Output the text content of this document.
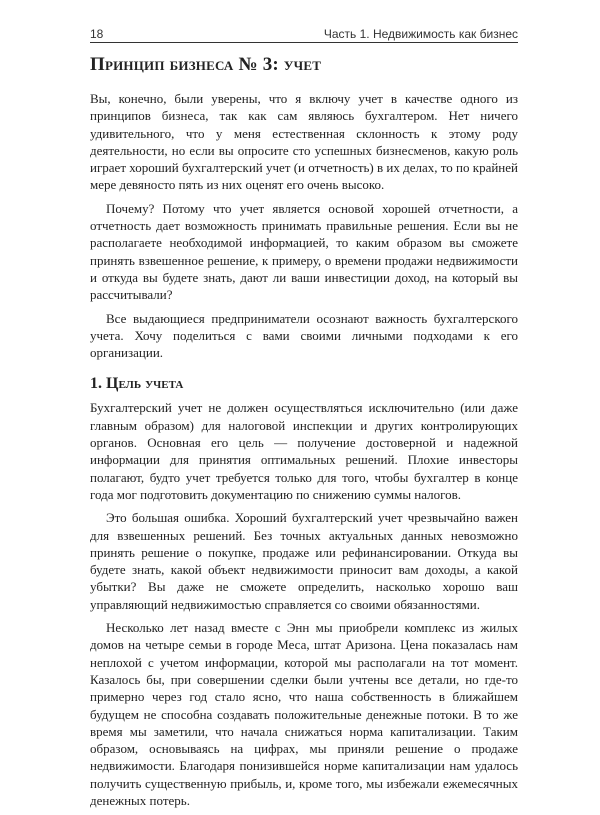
18	Часть 1. Недвижимость как бизнес
Принцип бизнеса № 3: учет

Вы, конечно, были уверены, что я включу учет в качестве одного из принципов бизнеса, так как сам являюсь бухгалтером. Нет ничего удивительного, что у меня естественная склонность к этому роду деятельности, но если вы опросите сто успешных бизнесменов, какую роль играет хороший бухгалтерский учет (и отчетность) в их делах, то по крайней мере девяносто пять из них оценят его очень высоко.

Почему? Потому что учет является основой хорошей отчетности, а отчетность дает возможность принимать правильные решения. Если вы не располагаете необходимой информацией, то каким образом вы сможете принять взвешенное решение, к примеру, о времени продажи недвижимости и откуда вы будете знать, дают ли ваши инвестиции доход, на который вы рассчитывали?

Все выдающиеся предприниматели осознают важность бухгалтерского учета. Хочу поделиться с вами своими личными подходами к его организации.

1. Цель учета

Бухгалтерский учет не должен осуществляться исключительно (или даже главным образом) для налоговой инспекции и других контролирующих органов. Основная его цель — получение достоверной и надежной информации для принятия оптимальных решений. Плохие инвесторы полагают, будто учет требуется только для того, чтобы бухгалтер в конце года мог подготовить документацию по снижению суммы налогов.

Это большая ошибка. Хороший бухгалтерский учет чрезвычайно важен для взвешенных решений. Без точных актуальных данных невозможно принять решение о покупке, продаже или рефинансировании. Откуда вы будете знать, какой объект недвижимости приносит вам доходы, а какой убытки? Вы даже не сможете определить, насколько хорошо ваш управляющий недвижимостью справляется со своими обязанностями.

Несколько лет назад вместе с Энн мы приобрели комплекс из жилых домов на четыре семьи в городе Меса, штат Аризона. Цена показалась нам неплохой с учетом информации, которой мы располагали на тот момент. Казалось бы, при совершении сделки были учтены все детали, но где-то примерно через год стало ясно, что наша собственность в ближайшем будущем не способна создавать положительные денежные потоки. В то же время мы заметили, что начала снижаться норма капитализации. Таким образом, основываясь на цифрах, мы приняли решение о продаже недвижимости. Благодаря понизившейся норме капитализации нам удалось получить существенную прибыль, и, кроме того, мы избежали ежемесячных денежных потерь.
